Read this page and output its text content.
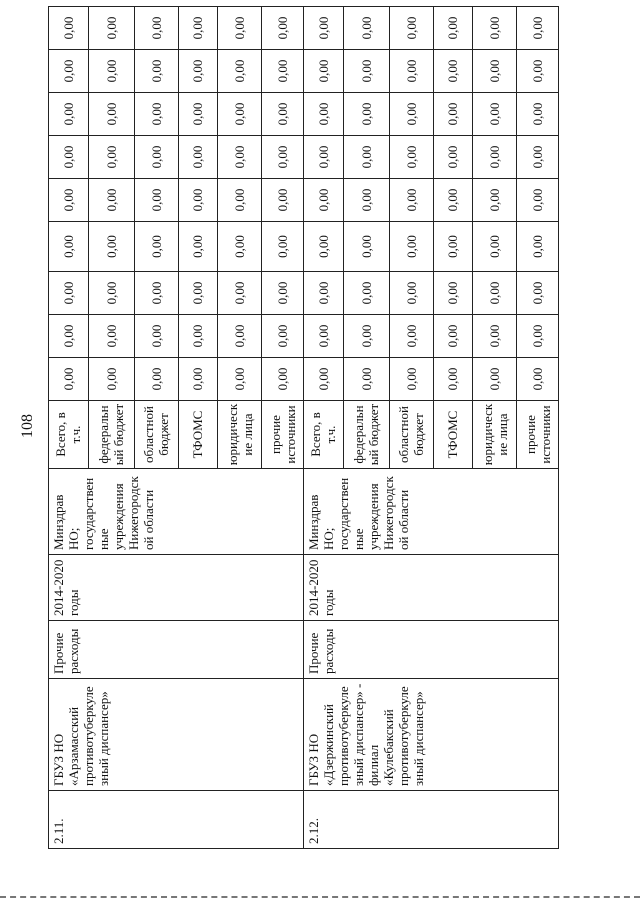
108
2.11.	ГБУЗ НО «Арзамасский противотуберкулезный диспансер»	Прочие расходы	2014-2020 годы	Минздрав НО; государственные учреждения Нижегородской области	Всего, в т.ч.	0,00	0,00	0,00	0,00	0,00	0,00	0,00	0,00	0,00
					федеральный бюджет	0,00	0,00	0,00	0,00	0,00	0,00	0,00	0,00	0,00
					областной бюджет	0,00	0,00	0,00	0,00	0,00	0,00	0,00	0,00	0,00
					ТФОМС	0,00	0,00	0,00	0,00	0,00	0,00	0,00	0,00	0,00
					юридические лица	0,00	0,00	0,00	0,00	0,00	0,00	0,00	0,00	0,00
					прочие источники	0,00	0,00	0,00	0,00	0,00	0,00	0,00	0,00	0,00
2.12.	ГБУЗ НО «Дзержинский противотуберкулезный диспансер» - филиал «Кулебакский противотуберкулезный диспансер»	Прочие расходы	2014-2020 годы	Минздрав НО; государственные учреждения Нижегородской области	Всего, в т.ч.	0,00	0,00	0,00	0,00	0,00	0,00	0,00	0,00	0,00
					федеральный бюджет	0,00	0,00	0,00	0,00	0,00	0,00	0,00	0,00	0,00
					областной бюджет	0,00	0,00	0,00	0,00	0,00	0,00	0,00	0,00	0,00
					ТФОМС	0,00	0,00	0,00	0,00	0,00	0,00	0,00	0,00	0,00
					юридические лица	0,00	0,00	0,00	0,00	0,00	0,00	0,00	0,00	0,00
					прочие источники	0,00	0,00	0,00	0,00	0,00	0,00	0,00	0,00	0,00
